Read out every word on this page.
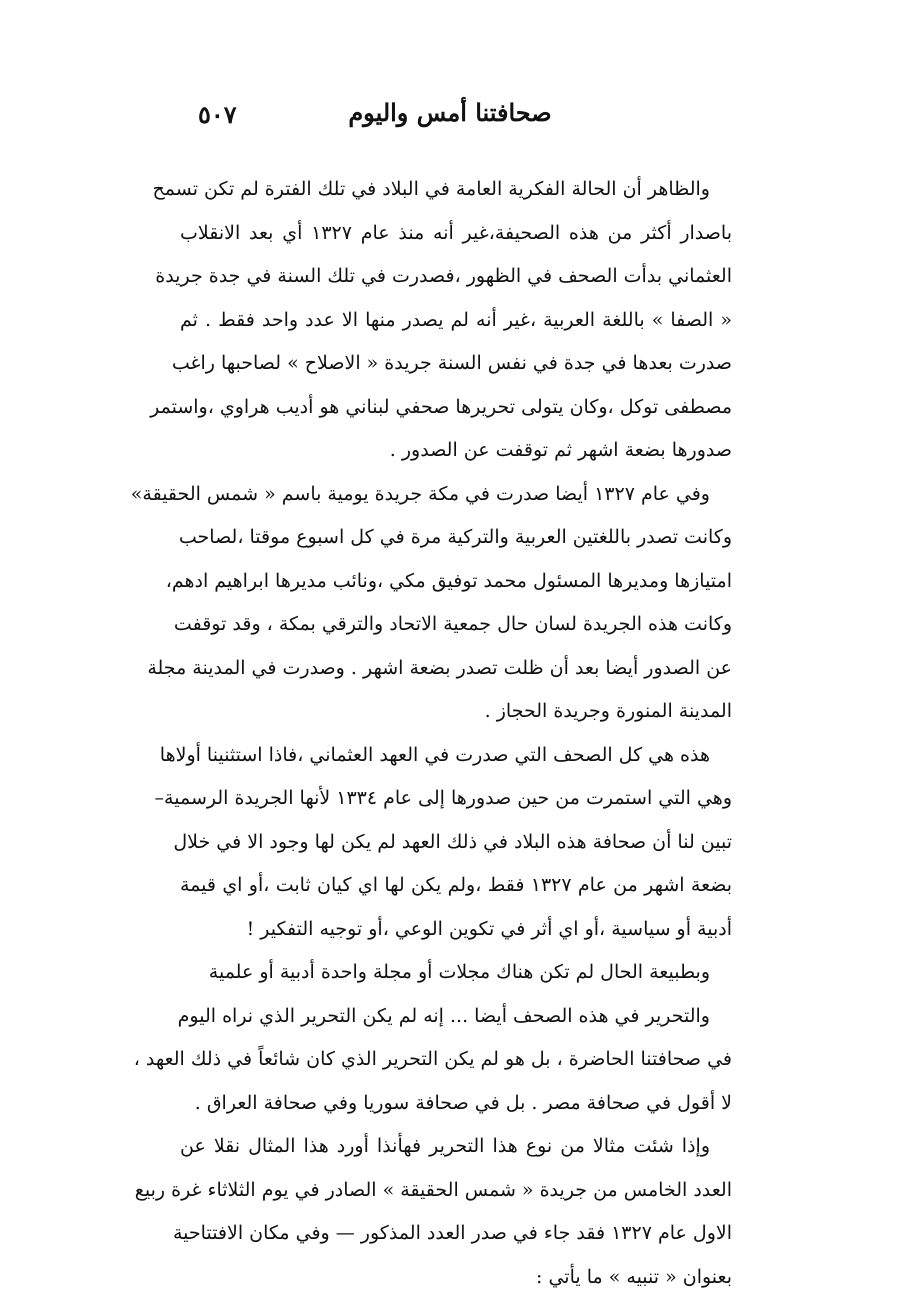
صحافتنا أمس واليوم
٥٠٧
والظاهر أن الحالة الفكرية العامة في البلاد في تلك الفترة لم تكن تسمح
باصدار أكثر من هذه الصحيفة،غير أنه منذ عام ١٣٢٧ أي بعد الانقلاب
العثماني بدأت الصحف في الظهور ،فصدرت في تلك السنة في جدة جريدة
« الصفا » باللغة العربية ،غير أنه لم يصدر منها الا عدد واحد فقط . ثم
صدرت بعدها في جدة في نفس السنة جريدة « الاصلاح » لصاحبها راغب
مصطفى توكل ،وكان يتولى تحريرها صحفي لبناني هو أديب هراوي ،واستمر
صدورها بضعة اشهر ثم توقفت عن الصدور .
وفي عام ١٣٢٧ أيضا صدرت في مكة جريدة يومية باسم « شمس الحقيقة»
وكانت تصدر باللغتين العربية والتركية مرة في كل اسبوع موقتا ،لصاحب
امتيازها ومديرها المسئول محمد توفيق مكي ،ونائب مديرها ابراهيم ادهم،
وكانت هذه الجريدة لسان حال جمعية الاتحاد والترقي بمكة ، وقد توقفت
عن الصدور أيضا بعد أن ظلت تصدر بضعة اشهر . وصدرت في المدينة مجلة
المدينة المنورة وجريدة الحجاز .
هذه هي كل الصحف التي صدرت في العهد العثماني ،فاذا استثنينا أولاها
وهي التي استمرت من حين صدورها إلى عام ١٣٣٤ لأنها الجريدة الرسمية–
تبين لنا أن صحافة هذه البلاد في ذلك العهد لم يكن لها وجود الا في خلال
بضعة اشهر من عام ١٣٢٧ فقط ،ولم يكن لها اي كيان ثابت ،أو اي قيمة
أدبية أو سياسية ،أو اي أثر في تكوين الوعي ،أو توجيه التفكير !
وبطبيعة الحال لم تكن هناك مجلات أو مجلة واحدة أدبية أو علمية
والتحرير في هذه الصحف أيضا ... إنه لم يكن التحرير الذي نراه اليوم
في صحافتنا الحاضرة ، بل هو لم يكن التحرير الذي كان شائعاً في ذلك العهد ،
لا أقول في صحافة مصر . بل في صحافة سوريا وفي صحافة العراق .
وإذا شئت مثالا من نوع هذا التحرير فهأنذا أورد هذا المثال نقلا عن
العدد الخامس من جريدة « شمس الحقيقة » الصادر في يوم الثلاثاء غرة ربيع
الاول عام ١٣٢٧ فقد جاء في صدر العدد المذكور — وفي مكان الافتتاحية
بعنوان « تنبيه » ما يأتي :
